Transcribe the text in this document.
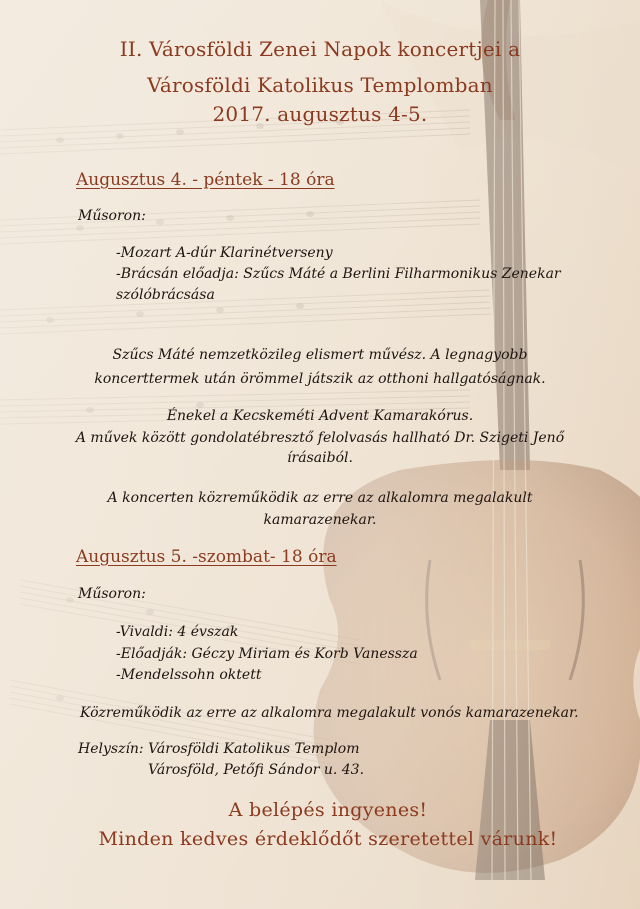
II. Városföldi Zenei Napok koncertjei a
Városföldi Katolikus Templomban
2017. augusztus 4-5.
Augusztus 4. - péntek - 18 óra
Műsoron:
-Mozart A-dúr Klarinétverseny
-Brácsán előadja: Szűcs Máté a Berlini Filharmonikus Zenekar
szólóbrácsása
Szűcs Máté nemzetközileg elismert művész. A legnagyobb
koncerttermek után örömmel játszik az otthoni hallgatóságnak.
Énekel a Kecskeméti Advent Kamarakórus.
A művek között gondolatébresztő felolvasás hallható Dr. Szigeti Jenő
írásaiból.
A koncerten közreműködik az erre az alkalomra megalakult
kamarazenekar.
Augusztus 5. -szombat- 18 óra
Műsoron:
-Vivaldi: 4 évszak
-Előadják: Géczy Miriam és Korb Vanessza
-Mendelssohn oktett
Közreműködik az erre az alkalomra megalakult vonós kamarazenekar.
Helyszín: Városföldi Katolikus Templom
Városföld, Petőfi Sándor u. 43.
A belépés ingyenes!
Minden kedves érdeklődőt szeretettel várunk!
